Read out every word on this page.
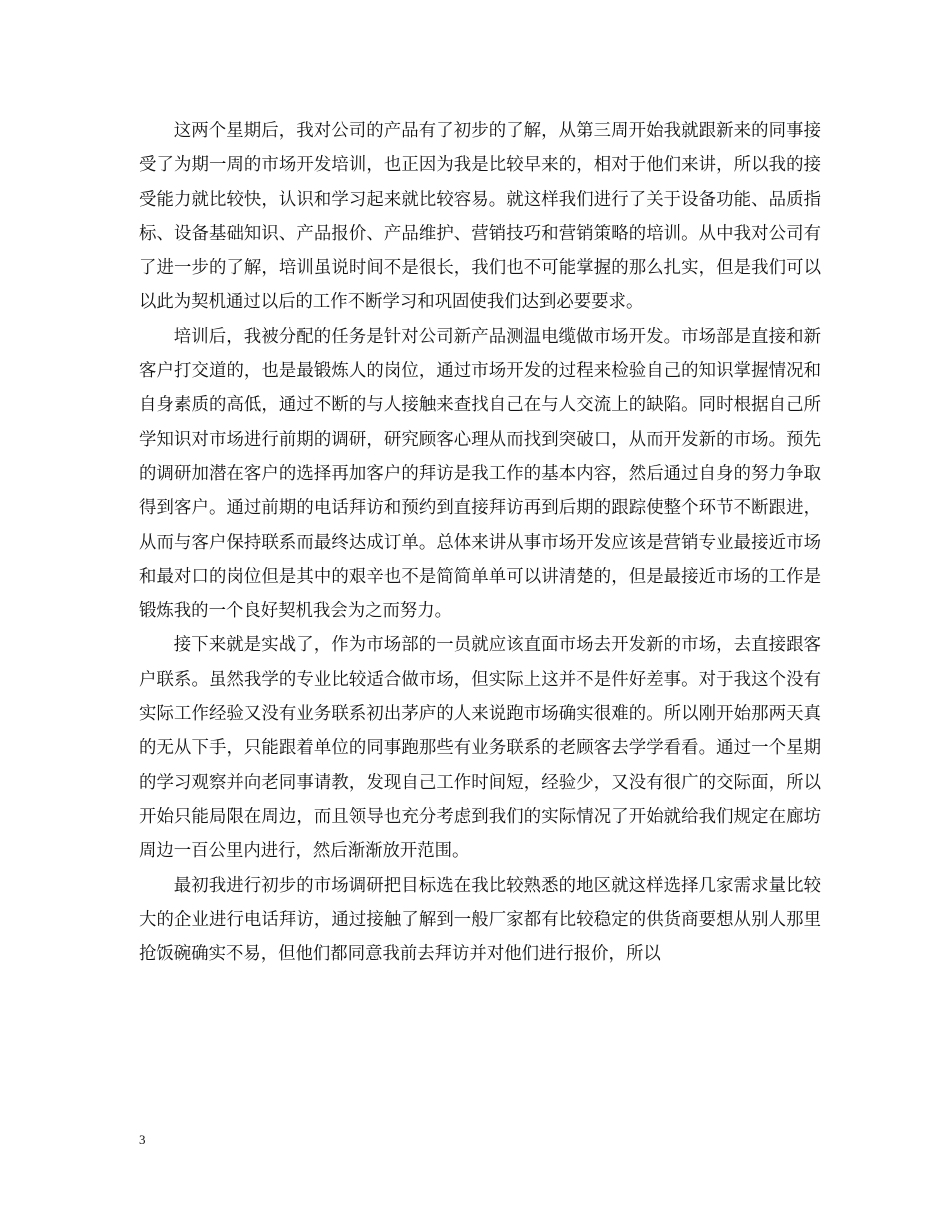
这两个星期后，我对公司的产品有了初步的了解，从第三周开始我就跟新来的同事接受了为期一周的市场开发培训，也正因为我是比较早来的，相对于他们来讲，所以我的接受能力就比较快，认识和学习起来就比较容易。就这样我们进行了关于设备功能、品质指标、设备基础知识、产品报价、产品维护、营销技巧和营销策略的培训。从中我对公司有了进一步的了解，培训虽说时间不是很长，我们也不可能掌握的那么扎实，但是我们可以以此为契机通过以后的工作不断学习和巩固使我们达到必要要求。

培训后，我被分配的任务是针对公司新产品测温电缆做市场开发。市场部是直接和新客户打交道的，也是最锻炼人的岗位，通过市场开发的过程来检验自己的知识掌握情况和自身素质的高低，通过不断的与人接触来查找自己在与人交流上的缺陷。同时根据自己所学知识对市场进行前期的调研，研究顾客心理从而找到突破口，从而开发新的市场。预先的调研加潜在客户的选择再加客户的拜访是我工作的基本内容，然后通过自身的努力争取得到客户。通过前期的电话拜访和预约到直接拜访再到后期的跟踪使整个环节不断跟进，从而与客户保持联系而最终达成订单。总体来讲从事市场开发应该是营销专业最接近市场和最对口的岗位但是其中的艰辛也不是简简单单可以讲清楚的，但是最接近市场的工作是锻炼我的一个良好契机我会为之而努力。

接下来就是实战了，作为市场部的一员就应该直面市场去开发新的市场，去直接跟客户联系。虽然我学的专业比较适合做市场，但实际上这并不是件好差事。对于我这个没有实际工作经验又没有业务联系初出茅庐的人来说跑市场确实很难的。所以刚开始那两天真的无从下手，只能跟着单位的同事跑那些有业务联系的老顾客去学学看看。通过一个星期的学习观察并向老同事请教，发现自己工作时间短，经验少，又没有很广的交际面，所以开始只能局限在周边，而且领导也充分考虑到我们的实际情况了开始就给我们规定在廊坊周边一百公里内进行，然后渐渐放开范围。

最初我进行初步的市场调研把目标选在我比较熟悉的地区就这样选择几家需求量比较大的企业进行电话拜访，通过接触了解到一般厂家都有比较稳定的供货商要想从别人那里抢饭碗确实不易，但他们都同意我前去拜访并对他们进行报价，所以

3
